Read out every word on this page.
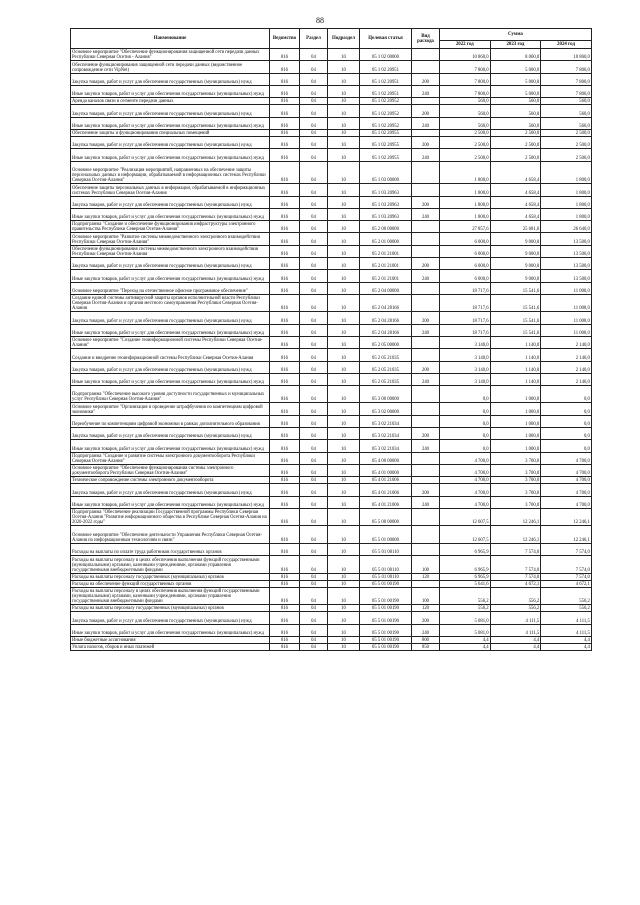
88
Наименование	Ведомство	Раздел	Подраздел	Целевая статья	Вид расхода	Сумма		
						2022 год	2023 год	2024 год
Основное мероприятие "Обеспечение функционирования защищенной сети передачи данных Республики Северная Осетия - Алания"	816	04	10	05 1 02 00000		10 860,0	8 060,0	10 860,0
Обеспечение функционирования защищенной сети передачи данных (ведомственное сопровождение сети VipNet)	816	04	10	05 1 02 20951		7 800,0	5 000,0	7 800,0
Закупка товаров, работ и услуг для обеспечения государственных (муниципальных) нужд	816	04	10	05 1 02 20951	200	7 800,0	5 000,0	7 800,0
Иные закупки товаров, работ и услуг для обеспечения государственных (муниципальных) нужд	816	04	10	05 1 02 20951	240	7 800,0	5 000,0	7 800,0
Аренда каналов связи в сегменте передачи данных	816	04	10	05 1 02 20952		560,0	560,0	560,0
Закупка товаров, работ и услуг для обеспечения государственных (муниципальных) нужд	816	04	10	05 1 02 20952	200	560,0	560,0	560,0
Иные закупки товаров, работ и услуг для обеспечения государственных (муниципальных) нужд	816	04	10	05 1 02 20952	240	560,0	560,0	560,0
Обеспечение защиты и функционирования специальных помещений	816	04	10	05 1 02 20955		2 500,0	2 500,0	2 500,0
Закупка товаров, работ и услуг для обеспечения государственных (муниципальных) нужд	816	04	10	05 1 02 20955	200	2 500,0	2 500,0	2 500,0
Иные закупки товаров, работ и услуг для обеспечения государственных (муниципальных) нужд	816	04	10	05 1 02 20955	240	2 500,0	2 500,0	2 500,0
Основное мероприятие "Реализация мероприятий, направленных на обеспечение защиты персональных данных в информации, обрабатываемой в информационных системах Республики Северная Осетия-Алания"	816	04	10	05 1 03 00000		1 800,0	4 658,4	1 800,0
Обеспечение защиты персональных данных в информации, обрабатываемой в информационных системах Республики Северная Осетия-Алания	816	04	10	05 1 03 20963		1 800,0	4 658,4	1 800,0
Закупка товаров, работ и услуг для обеспечения государственных (муниципальных) нужд	816	04	10	05 1 03 20963	200	1 800,0	4 658,4	1 800,0
Иные закупки товаров, работ и услуг для обеспечения государственных (муниципальных) нужд	816	04	10	05 1 03 20963	240	1 800,0	4 658,4	1 800,0
Подпрограмма "Создание и обеспечение функционирования инфраструктуры электронного правительства Республики Северная Осетия-Алания"	816	04	10	05 2 00 00000		27 857,6	25 681,6	26 640,0
Основное мероприятие "Развитие системы межведомственного электронного взаимодействия Республики Северная Осетия-Алания"	816	04	10	05 2 01 00000		6 000,0	9 000,0	13 500,0
Обеспечение функционирования системы межведомственного электронного взаимодействия Республики Северная Осетия-Алания	816	04	10	05 2 01 21001		6 000,0	9 000,0	13 500,0
Закупка товаров, работ и услуг для обеспечения государственных (муниципальных) нужд	816	04	10	05 2 01 21001	200	6 000,0	9 000,0	13 500,0
Иные закупки товаров, работ и услуг для обеспечения государственных (муниципальных) нужд	816	04	10	05 2 01 21001	240	6 000,0	9 000,0	13 500,0
Основное мероприятие "Переход на отечественное офисное программное обеспечение"	816	04	10	05 2 04 00000		18 717,6	15 541,6	11 000,0
Создание единой системы антивирусной защиты органов исполнительной власти Республики Северная Осетия-Алания и органов местного самоуправления Республики Северная Осетия-Алания	816	04	10	05 2 04 28166		18 717,6	15 541,6	11 000,0
Закупка товаров, работ и услуг для обеспечения государственных (муниципальных) нужд	816	04	10	05 2 04 28166	200	18 717,6	15 541,6	11 000,0
Иные закупки товаров, работ и услуг для обеспечения государственных (муниципальных) нужд	816	04	10	05 2 04 28166	240	18 717,6	15 541,6	11 000,0
Основное мероприятие "Создание геоинформационной системы Республики Северная Осетия-Алания"	816	04	10	05 2 05 00000		3 140,0	1 140,0	2 140,0
Создание и внедрение геоинформационной системы Республики Северная Осетия-Алания	816	04	10	05 2 05 21035		3 140,0	1 140,0	2 140,0
Закупка товаров, работ и услуг для обеспечения государственных (муниципальных) нужд	816	04	10	05 2 05 21035	200	3 140,0	1 140,0	2 140,0
Иные закупки товаров, работ и услуг для обеспечения государственных (муниципальных) нужд	816	04	10	05 2 05 21035	240	3 140,0	1 140,0	2 140,0
Подпрограмма "Обеспечение высокого уровня доступности государственных и муниципальных услуг Республики Северная Осетия-Алания"	816	04	10	05 3 00 00000		0,0	1 000,0	0,0
Основное мероприятие "Организация и проведение штрафбучения по компетенциям цифровой экономики"	816	04	10	05 3 02 00000		0,0	1 000,0	0,0
Переобучение по компетенциям цифровой экономики в рамках дополнительного образования	816	04	10	05 3 02 21034		0,0	1 000,0	0,0
Закупка товаров, работ и услуг для обеспечения государственных (муниципальных) нужд	816	04	10	05 3 02 21034	200	0,0	1 000,0	0,0
Иные закупки товаров, работ и услуг для обеспечения государственных (муниципальных) нужд	816	04	10	05 3 02 21034	240	0,0	1 000,0	0,0
Подпрограмма "Создание и развитие системы электронного документооборота Республики Северная Осетия-Алания"	816	04	10	05 4 00 00000		4 700,0	3 700,0	4 700,0
Основное мероприятие "Обеспечение функционирования системы электронного документооборота Республики Северная Осетия-Алания"	816	04	10	05 4 01 00000		4 700,0	3 700,0	4 700,0
Техническое сопровождение системы электронного документооборота	816	04	10	05 4 01 21006		4 700,0	3 700,0	4 700,0
Закупка товаров, работ и услуг для обеспечения государственных (муниципальных) нужд	816	04	10	05 4 01 21006	200	4 700,0	3 700,0	4 700,0
Иные закупки товаров, работ и услуг для обеспечения государственных (муниципальных) нужд	816	04	10	05 4 01 21006	240	4 700,0	3 700,0	4 700,0
Подпрограмма "Обеспечение реализации Государственной программы Республики Северная Осетия-Алания "Развитие информационного общества в Республике Северная Осетия-Алания на 2020-2022 годы"	816	04	10	05 5 00 00000		12 607,5	12 246,1	12 246,1
Основное мероприятие "Обеспечение деятельности Управления Республики Северная Осетия-Алания по информационным технологиям и связи"	816	04	10	05 5 01 00000		12 607,5	12 246,1	12 246,1
Расходы на выплаты по оплате труда работников государственных органов	816	04	10	05 5 01 00110		6 965,9	7 574,0	7 574,0
Расходы на выплаты персоналу в целях обеспечения выполнения функций государственными (муниципальными) органами, казенными учреждениями, органами управления государственными внебюджетными фондами	816	04	10	05 5 01 00110	100	6 965,9	7 574,0	7 574,0
Расходы на выплаты персоналу государственных (муниципальных) органов	816	04	10	05 5 01 00110	120	6 965,9	7 574,0	7 574,0
Расходы на обеспечение функций государственных органов	816	04	10	05 5 01 00190		5 641,6	4 672,1	4 672,1
Расходы на выплаты персоналу в целях обеспечения выполнения функций государственными (муниципальными) органами, казенными учреждениями, органами управления государственными внебюджетными фондами	816	04	10	05 5 01 00190	100	556,2	556,2	556,2
Расходы на выплаты персоналу государственных (муниципальных) органов	816	04	10	05 5 01 00190	120	556,2	556,2	556,2
Закупка товаров, работ и услуг для обеспечения государственных (муниципальных) нужд	816	04	10	05 5 01 00190	200	5 081,0	4 111,5	4 111,5
Иные закупки товаров, работ и услуг для обеспечения государственных (муниципальных) нужд	816	04	10	05 5 01 00190	240	5 081,0	4 111,5	4 111,5
Иные бюджетные ассигнования	816	04	10	05 5 01 00190	800	4,4	4,4	4,4
Уплата налогов, сборов и иных платежей	816	04	10	05 5 01 00190	850	4,4	4,4	4,4
